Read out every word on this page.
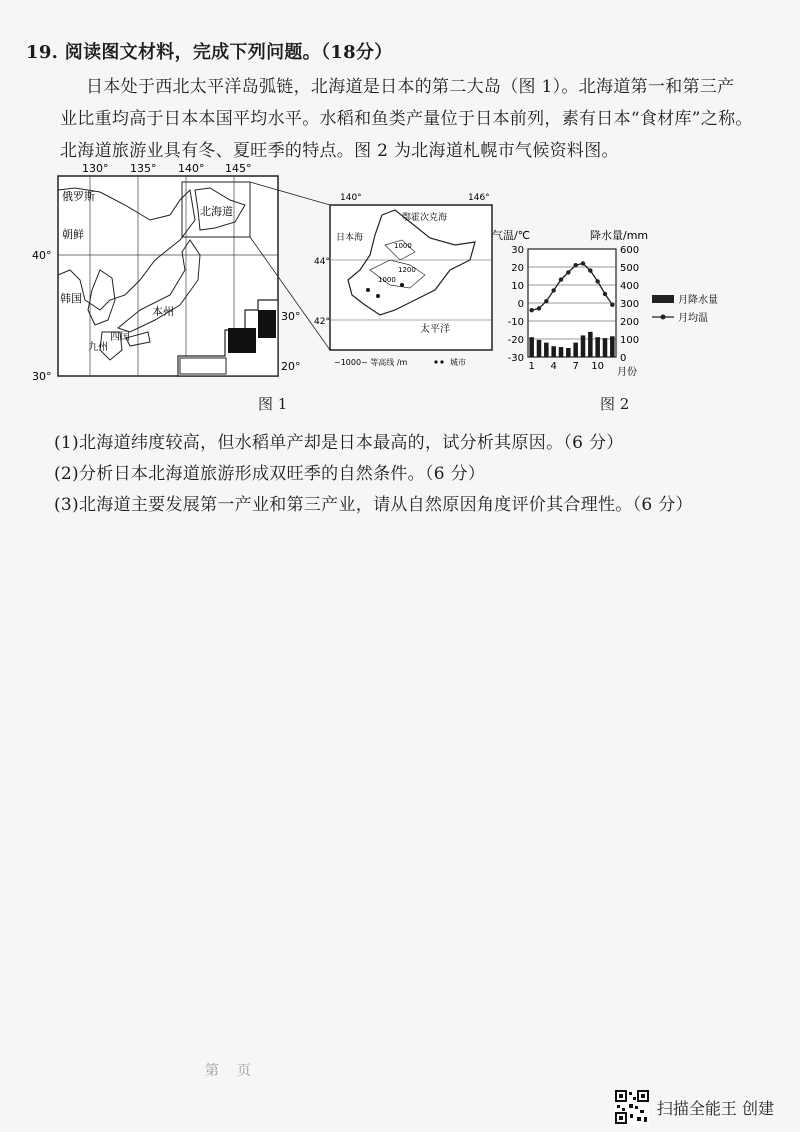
19. 阅读图文材料，完成下列问题。（18分）
日本处于西北太平洋岛弧链，北海道是日本的第二大岛（图 1）。北海道第一和第三产
业比重均高于日本本国平均水平。水稻和鱼类产量位于日本前列，素有日本“食材库”之称。
北海道旅游业具有冬、夏旺季的特点。图 2 为北海道札幌市气候资料图。
130° 135° 140° 145°
40°
30°
俄罗斯
朝鲜
韩国
北海道
本州
四国
九州
30°
20°
140°	146°
44°
42°
鄂霍次克海
日本海
太平洋
1000
1000
1200
~1000~ 等高线 /m	城市
气温/℃	降水量/mm
30
20
10
0
-10
-20
-30
600
500
400
300
200
100
0
1 4 7 10
月份
月降水量
月均温
图 1	图 2
(1)北海道纬度较高，但水稻单产却是日本最高的，试分析其原因。（6 分）
(2)分析日本北海道旅游形成双旺季的自然条件。（6 分）
(3)北海道主要发展第一产业和第三产业，请从自然原因角度评价其合理性。（6 分）
第　页
扫描全能王 创建
